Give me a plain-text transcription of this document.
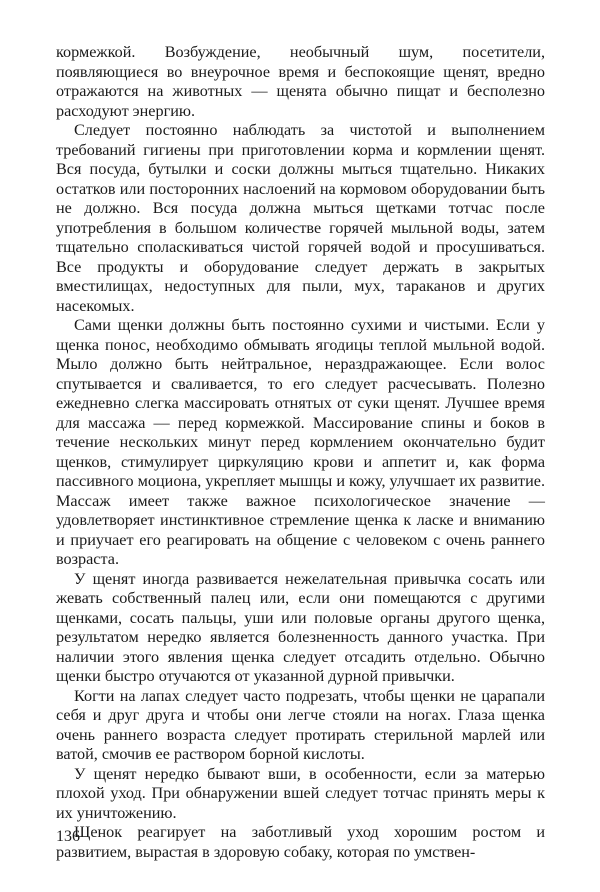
кормежкой. Возбуждение, необычный шум, посетители, появляющиеся во внеурочное время и беспокоящие щенят, вредно отражаются на животных — щенята обычно пищат и бесполезно расходуют энергию.

Следует постоянно наблюдать за чистотой и выполнением требований гигиены при приготовлении корма и кормлении щенят. Вся посуда, бутылки и соски должны мыться тщательно. Никаких остатков или посторонних наслоений на кормовом оборудовании быть не должно. Вся посуда должна мыться щетками тотчас после употребления в большом количестве горячей мыльной воды, затем тщательно споласкиваться чистой горячей водой и просушиваться. Все продукты и оборудование следует держать в закрытых вместилищах, недоступных для пыли, мух, тараканов и других насекомых.

Сами щенки должны быть постоянно сухими и чистыми. Если у щенка понос, необходимо обмывать ягодицы теплой мыльной водой. Мыло должно быть нейтральное, нераздражающее. Если волос спутывается и сваливается, то его следует расчесывать. Полезно ежедневно слегка массировать отнятых от суки щенят. Лучшее время для массажа — перед кормежкой. Массирование спины и боков в течение нескольких минут перед кормлением окончательно будит щенков, стимулирует циркуляцию крови и аппетит и, как форма пассивного моциона, укрепляет мышцы и кожу, улучшает их развитие. Массаж имеет также важное психологическое значение — удовлетворяет инстинктивное стремление щенка к ласке и вниманию и приучает его реагировать на общение с человеком с очень раннего возраста.

У щенят иногда развивается нежелательная привычка сосать или жевать собственный палец или, если они помещаются с другими щенками, сосать пальцы, уши или половые органы другого щенка, результатом нередко является болезненность данного участка. При наличии этого явления щенка следует отсадить отдельно. Обычно щенки быстро отучаются от указанной дурной привычки.

Когти на лапах следует часто подрезать, чтобы щенки не царапали себя и друг друга и чтобы они легче стояли на ногах. Глаза щенка очень раннего возраста следует протирать стерильной марлей или ватой, смочив ее раствором борной кислоты.

У щенят нередко бывают вши, в особенности, если за матерью плохой уход. При обнаружении вшей следует тотчас принять меры к их уничтожению.

Щенок реагирует на заботливый уход хорошим ростом и развитием, вырастая в здоровую собаку, которая по умствен-

136
